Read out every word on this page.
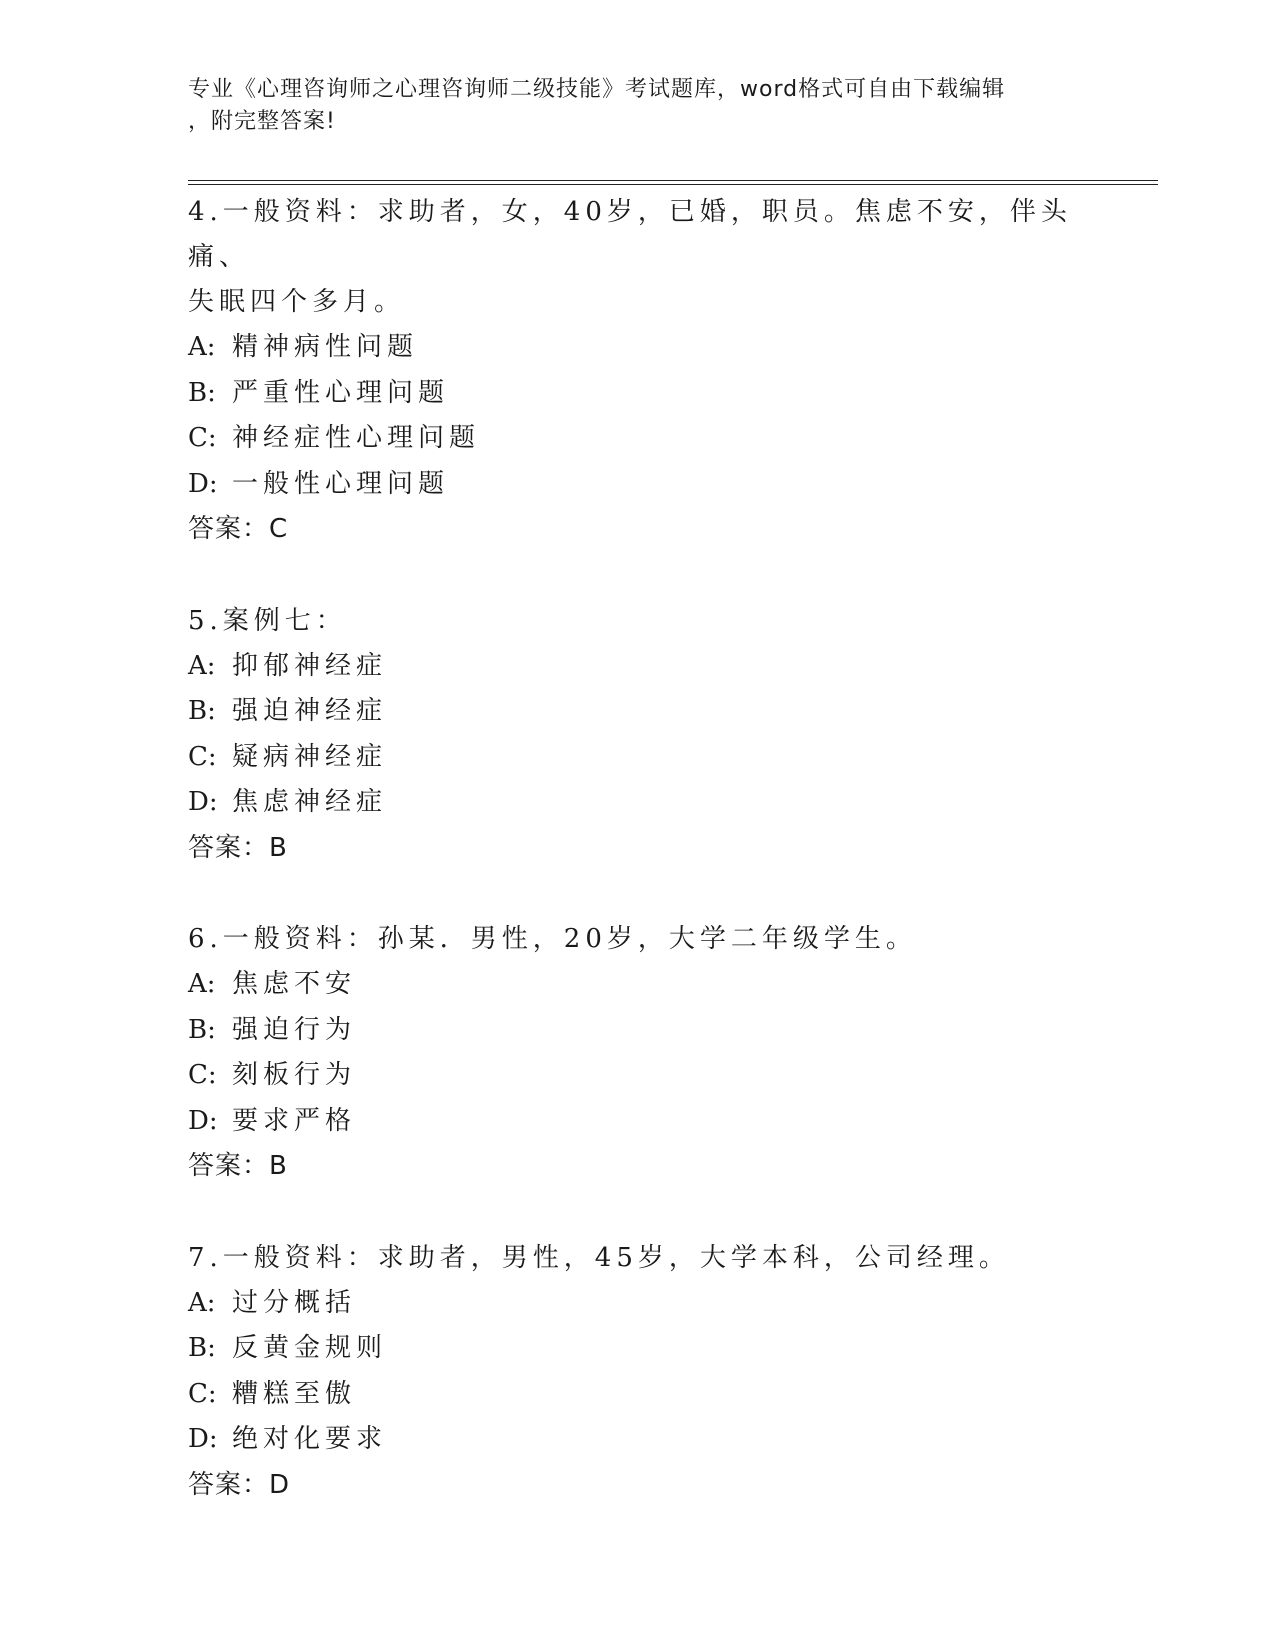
专业《心理咨询师之心理咨询师二级技能》考试题库，word格式可自由下载编辑
，附完整答案!
4.一般资料：求助者，女，40岁，已婚，职员。焦虑不安，伴头痛、
失眠四个多月。
A: 精神病性问题
B: 严重性心理问题
C: 神经症性心理问题
D: 一般性心理问题
答案：C
5.案例七：
A: 抑郁神经症
B: 强迫神经症
C: 疑病神经症
D: 焦虑神经症
答案：B
6.一般资料：孙某．男性，20岁，大学二年级学生。
A: 焦虑不安
B: 强迫行为
C: 刻板行为
D: 要求严格
答案：B
7.一般资料：求助者，男性，45岁，大学本科，公司经理。
A: 过分概括
B: 反黄金规则
C: 糟糕至傲
D: 绝对化要求
答案：D
